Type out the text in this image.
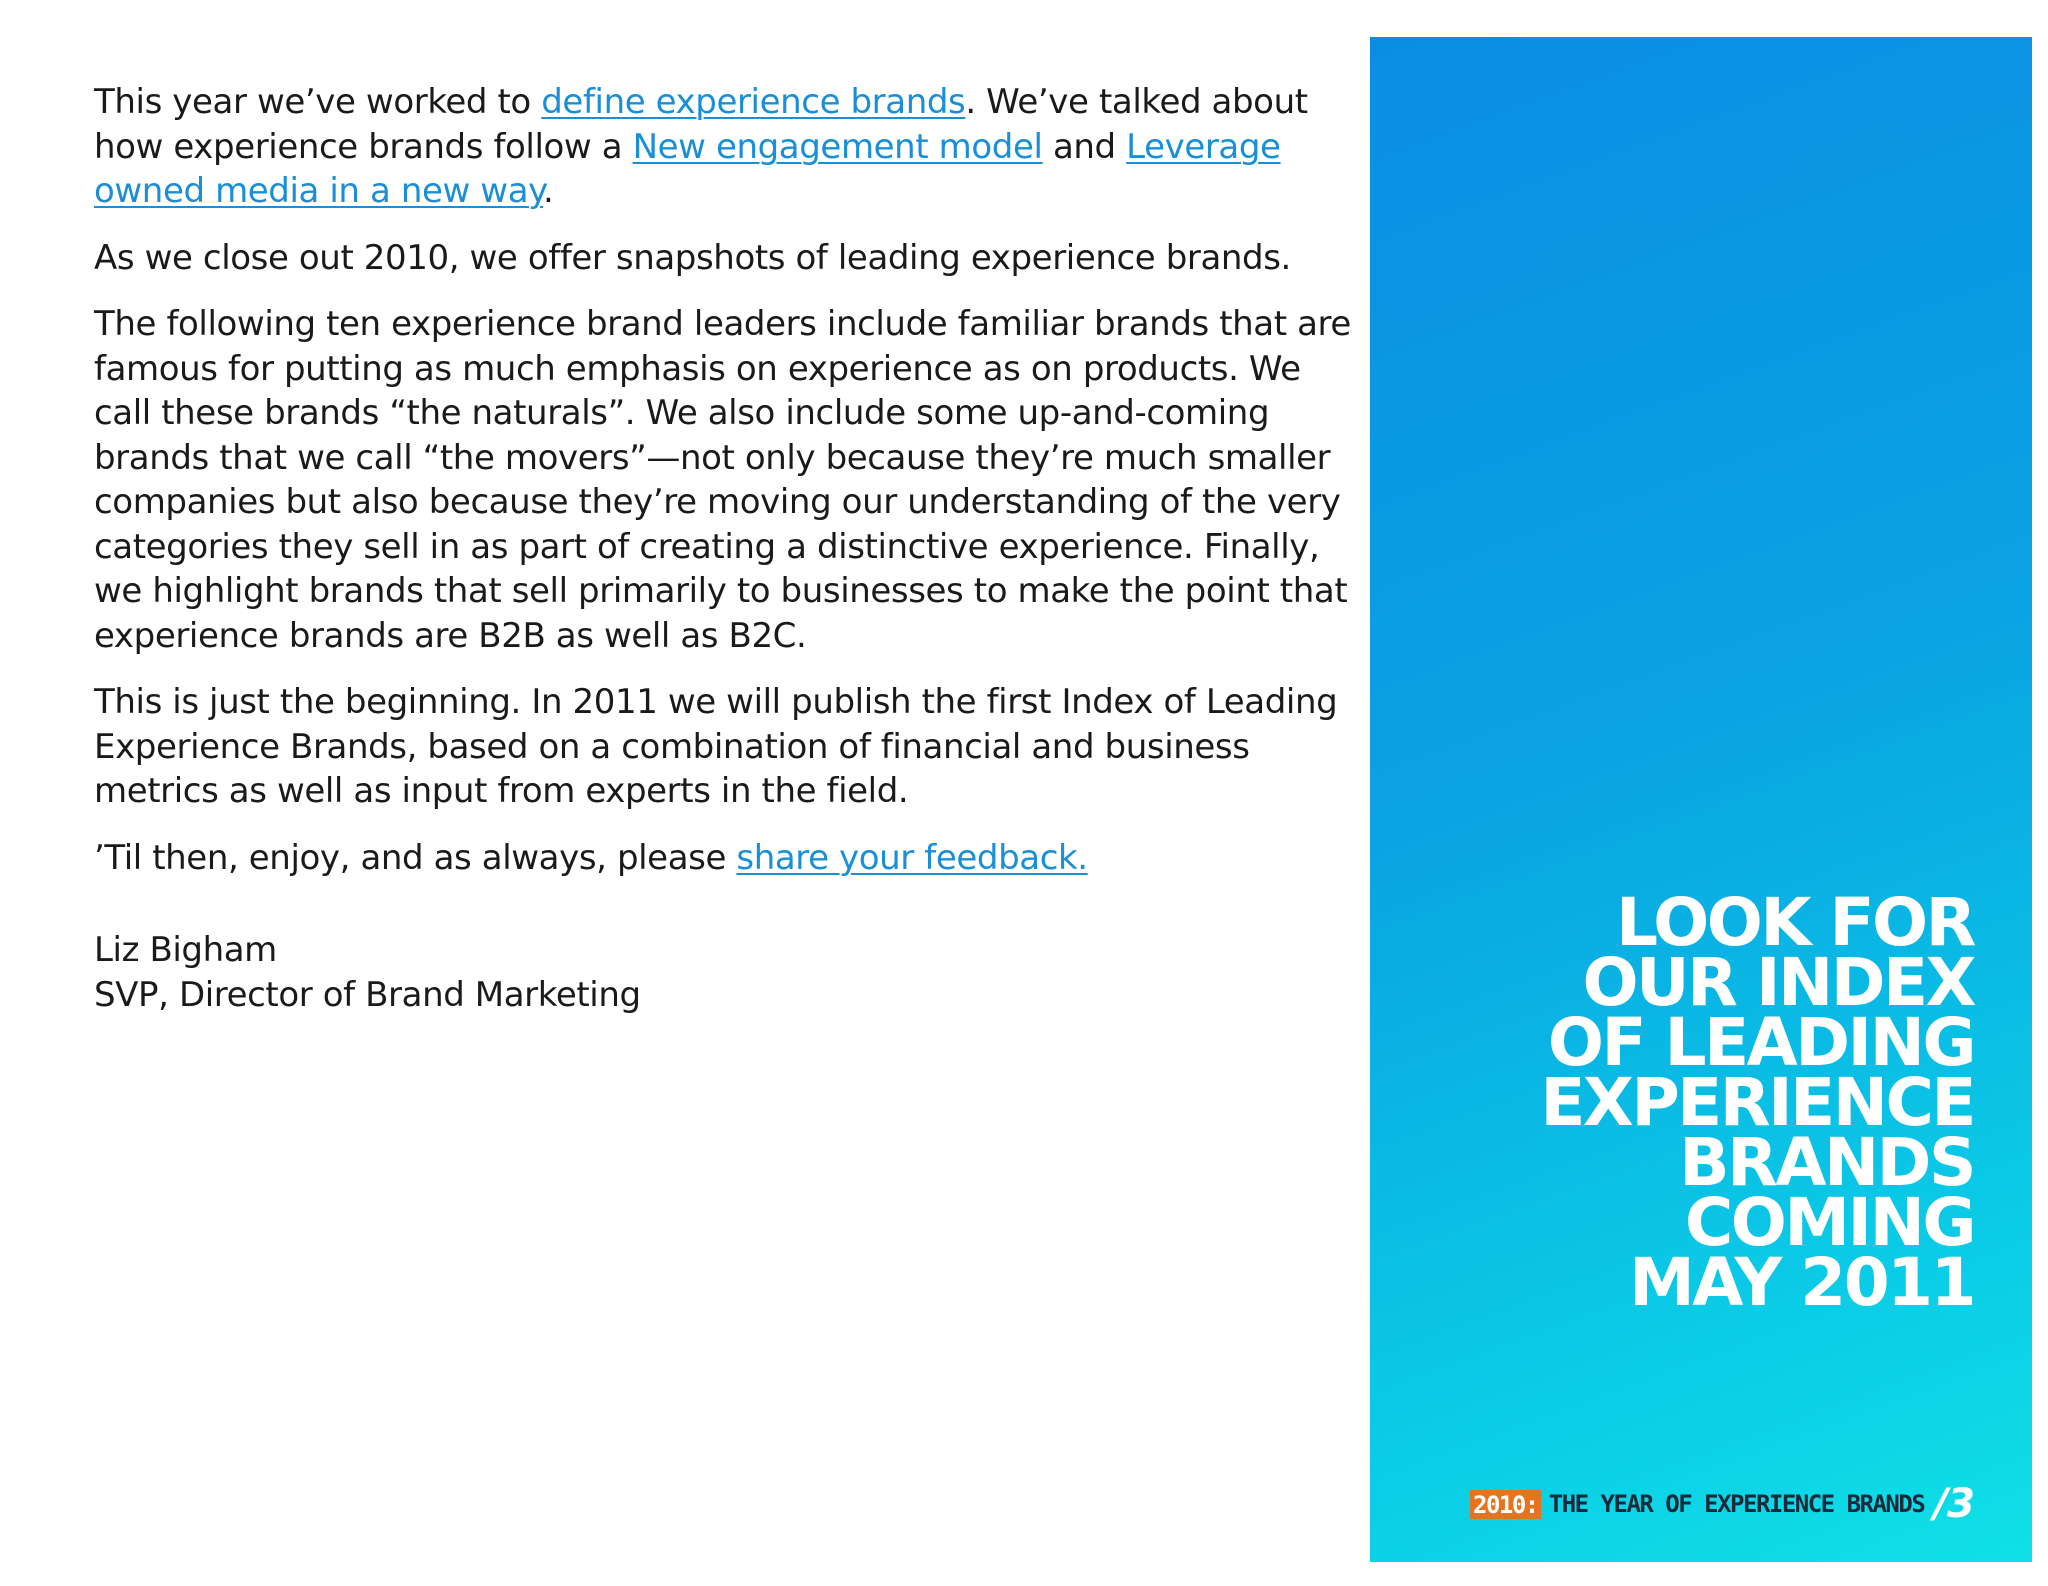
This year we’ve worked to define experience brands. We’ve talked about how experience brands follow a New engagement model and Leverage owned media in a new way.

As we close out 2010, we offer snapshots of leading experience brands.

The following ten experience brand leaders include familiar brands that are famous for putting as much emphasis on experience as on products. We call these brands “the naturals”. We also include some up-and-coming brands that we call “the movers”—not only because they’re much smaller companies but also because they’re moving our understanding of the very categories they sell in as part of creating a distinctive experience. Finally, we highlight brands that sell primarily to businesses to make the point that experience brands are B2B as well as B2C.

This is just the beginning. In 2011 we will publish the first Index of Leading Experience Brands, based on a combination of financial and business metrics as well as input from experts in the field.

’Til then, enjoy, and as always, please share your feedback.

Liz Bigham
SVP, Director of Brand Marketing
LOOK FOR
OUR INDEX
OF LEADING
EXPERIENCE
BRANDS
COMING
MAY 2011
2010: THE YEAR OF EXPERIENCE BRANDS /3
